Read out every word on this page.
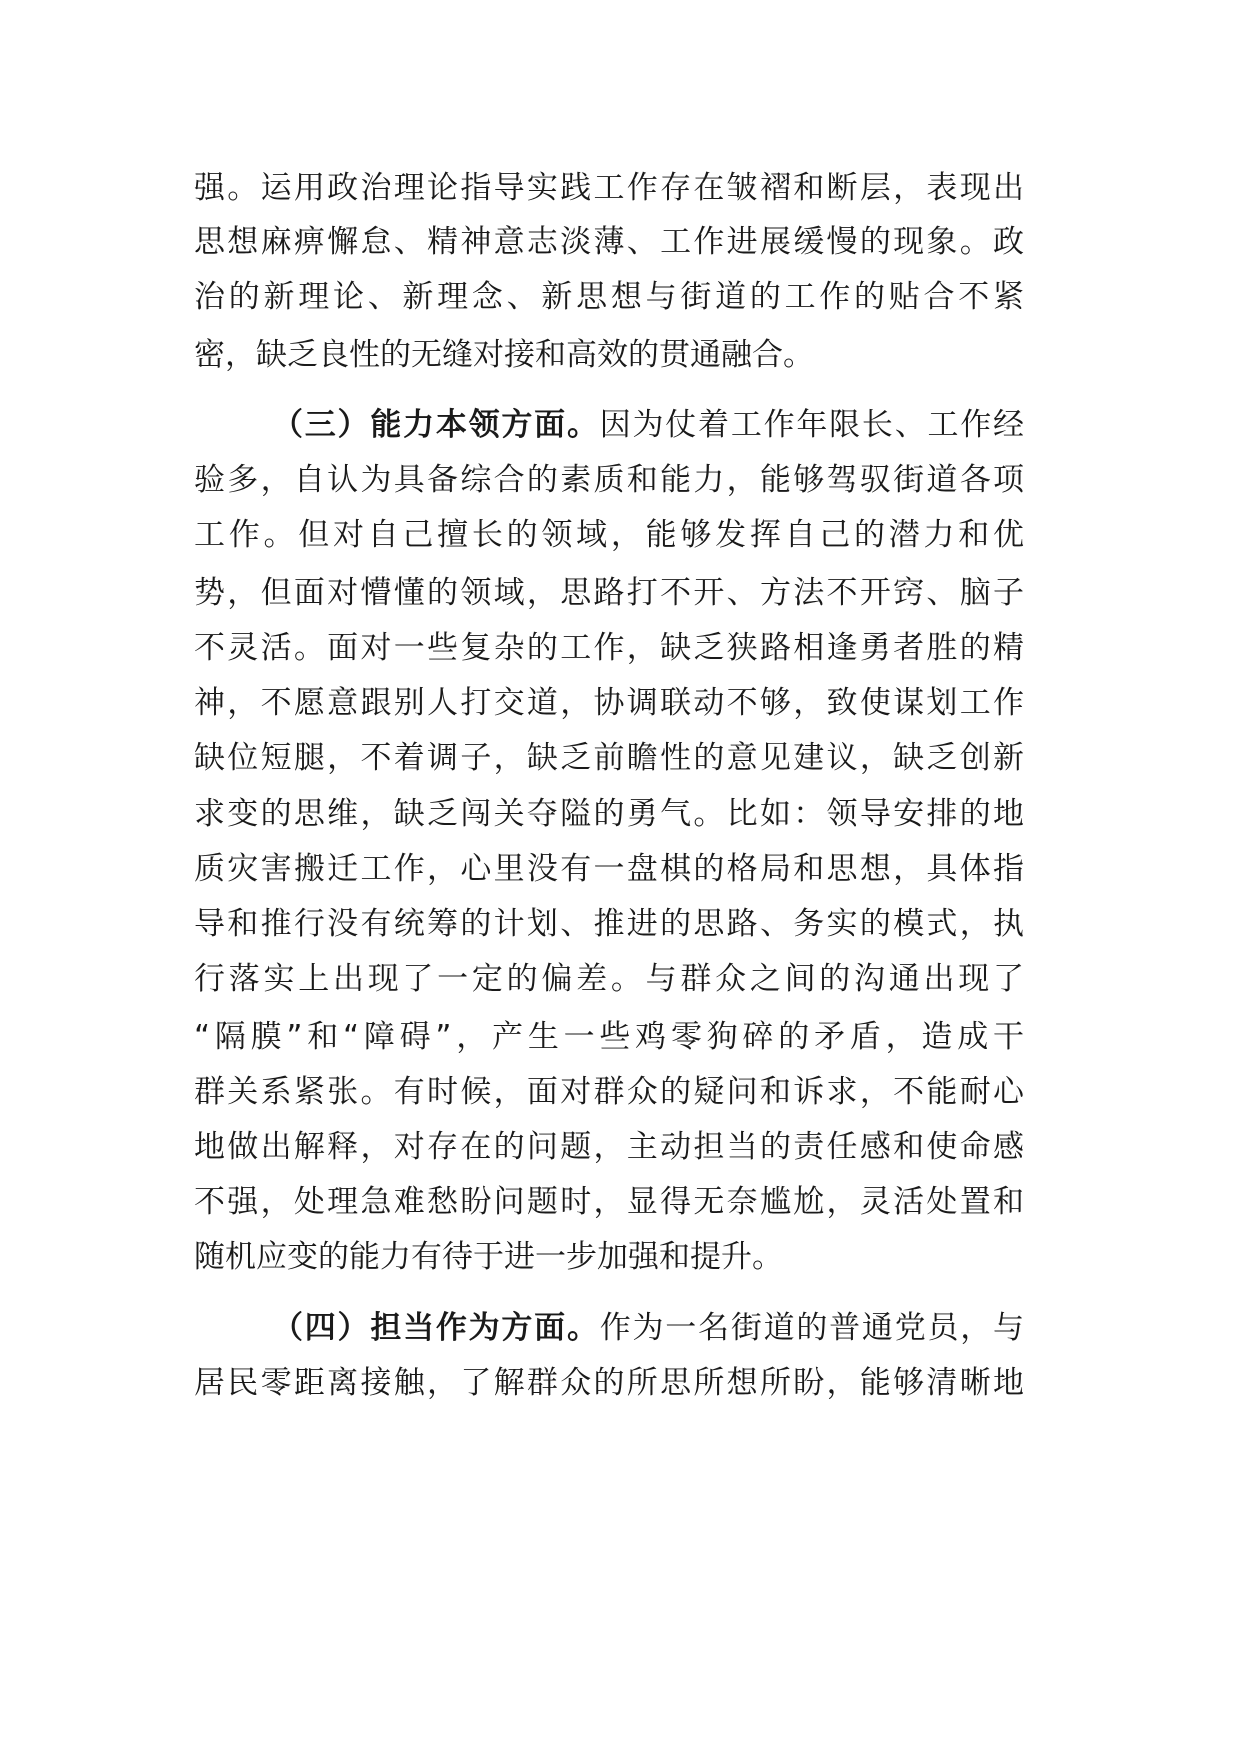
强。运用政治理论指导实践工作存在皱褶和断层，表现出
思想麻痹懈怠、精神意志淡薄、工作进展缓慢的现象。政
治的新理论、新理念、新思想与街道的工作的贴合不紧
密，缺乏良性的无缝对接和高效的贯通融合。
（三）能力本领方面。因为仗着工作年限长、工作经
验多，自认为具备综合的素质和能力，能够驾驭街道各项
工作。但对自己擅长的领域，能够发挥自己的潜力和优
势，但面对懵懂的领域，思路打不开、方法不开窍、脑子
不灵活。面对一些复杂的工作，缺乏狭路相逢勇者胜的精
神，不愿意跟别人打交道，协调联动不够，致使谋划工作
缺位短腿，不着调子，缺乏前瞻性的意见建议，缺乏创新
求变的思维，缺乏闯关夺隘的勇气。比如：领导安排的地
质灾害搬迁工作，心里没有一盘棋的格局和思想，具体指
导和推行没有统筹的计划、推进的思路、务实的模式，执
行落实上出现了一定的偏差。与群众之间的沟通出现了
“隔膜”和“障碍”，产生一些鸡零狗碎的矛盾，造成干
群关系紧张。有时候，面对群众的疑问和诉求，不能耐心
地做出解释，对存在的问题，主动担当的责任感和使命感
不强，处理急难愁盼问题时，显得无奈尴尬，灵活处置和
随机应变的能力有待于进一步加强和提升。
（四）担当作为方面。作为一名街道的普通党员，与
居民零距离接触，了解群众的所思所想所盼，能够清晰地
